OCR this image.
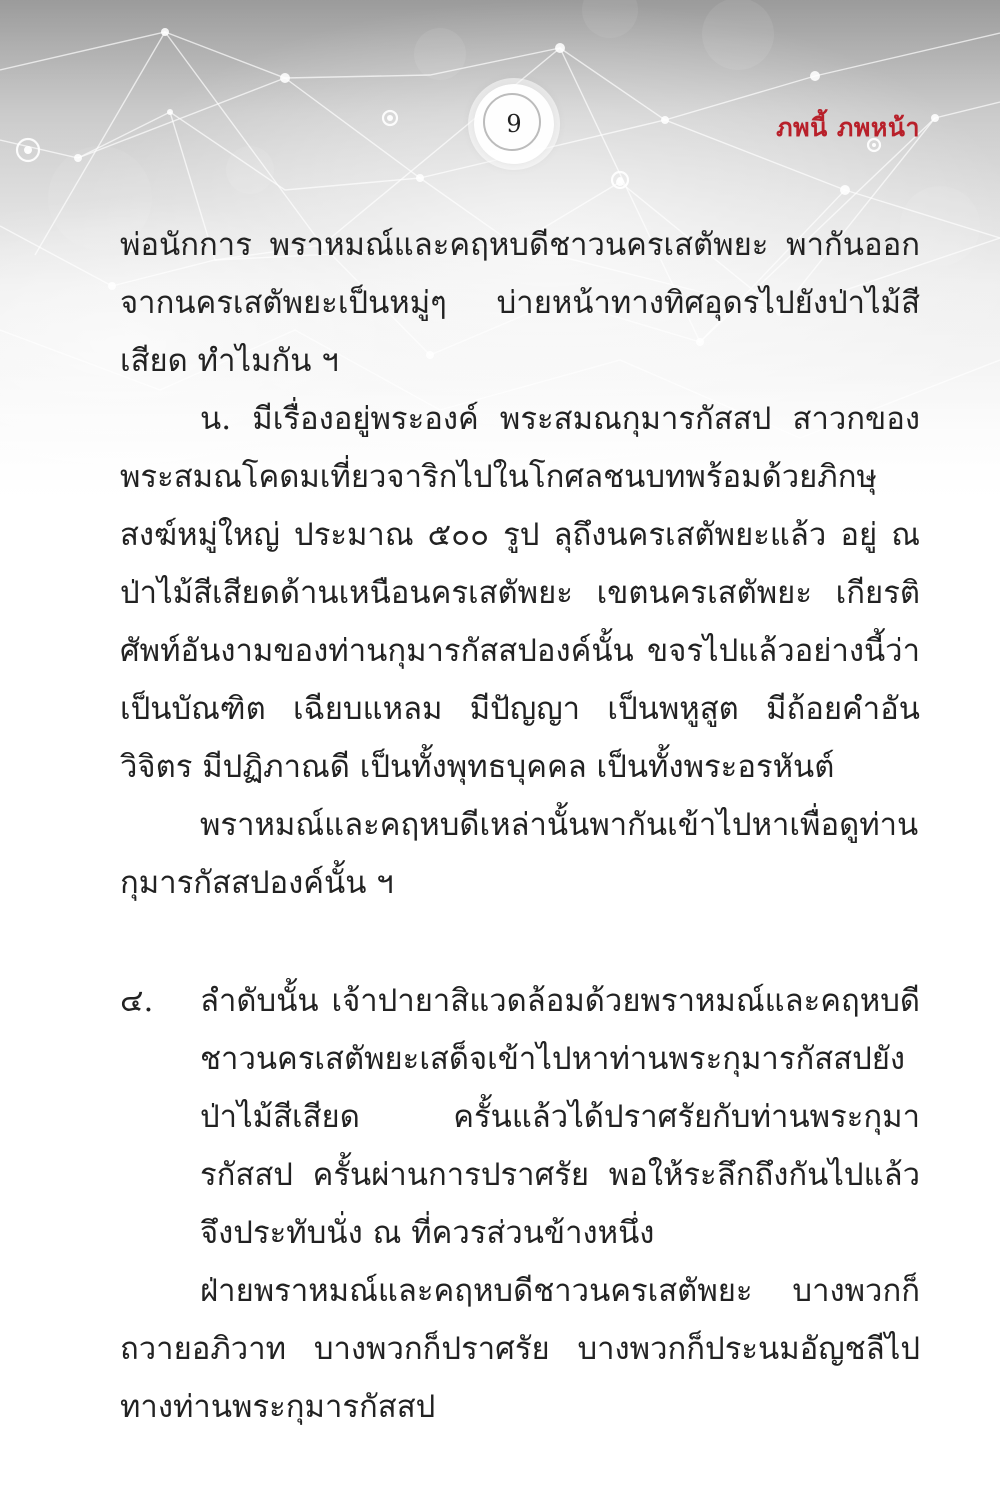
9	ภพนี้ ภพหน้า

พ่อนักการ พราหมณ์และคฤหบดีชาวนครเสตัพยะ พากันออกจากนครเสตัพยะเป็นหมู่ๆ บ่ายหน้าทางทิศอุดรไปยังป่าไม้สีเสียด ทำไมกัน ฯ

น. มีเรื่องอยู่พระองค์ พระสมณกุมารกัสสป สาวกของพระสมณโคดมเที่ยวจาริกไปในโกศลชนบทพร้อมด้วยภิกษุสงฆ์หมู่ใหญ่ ประมาณ ๕๐๐ รูป ลุถึงนครเสตัพยะแล้ว อยู่ ณ ป่าไม้สีเสียดด้านเหนือนครเสตัพยะ เขตนครเสตัพยะ เกียรติศัพท์อันงามของท่านกุมารกัสสปองค์นั้น ขจรไปแล้วอย่างนี้ว่า เป็นบัณฑิต เฉียบแหลม มีปัญญา เป็นพหูสูต มีถ้อยคำอันวิจิตร มีปฏิภาณดี เป็นทั้งพุทธบุคคล เป็นทั้งพระอรหันต์

พราหมณ์และคฤหบดีเหล่านั้นพากันเข้าไปหาเพื่อดูท่านกุมารกัสสปองค์นั้น ฯ

๔.	ลำดับนั้น เจ้าปายาสิแวดล้อมด้วยพราหมณ์และคฤหบดีชาวนครเสตัพยะเสด็จเข้าไปหาท่านพระกุมารกัสสปยังป่าไม้สีเสียด ครั้นแล้วได้ปราศรัยกับท่านพระกุมารกัสสป ครั้นผ่านการปราศรัย พอให้ระลึกถึงกันไปแล้ว จึงประทับนั่ง ณ ที่ควรส่วนข้างหนึ่ง

ฝ่ายพราหมณ์และคฤหบดีชาวนครเสตัพยะ บางพวกก็ถวายอภิวาท บางพวกก็ปราศรัย บางพวกก็ประนมอัญชลีไปทางท่านพระกุมารกัสสป
